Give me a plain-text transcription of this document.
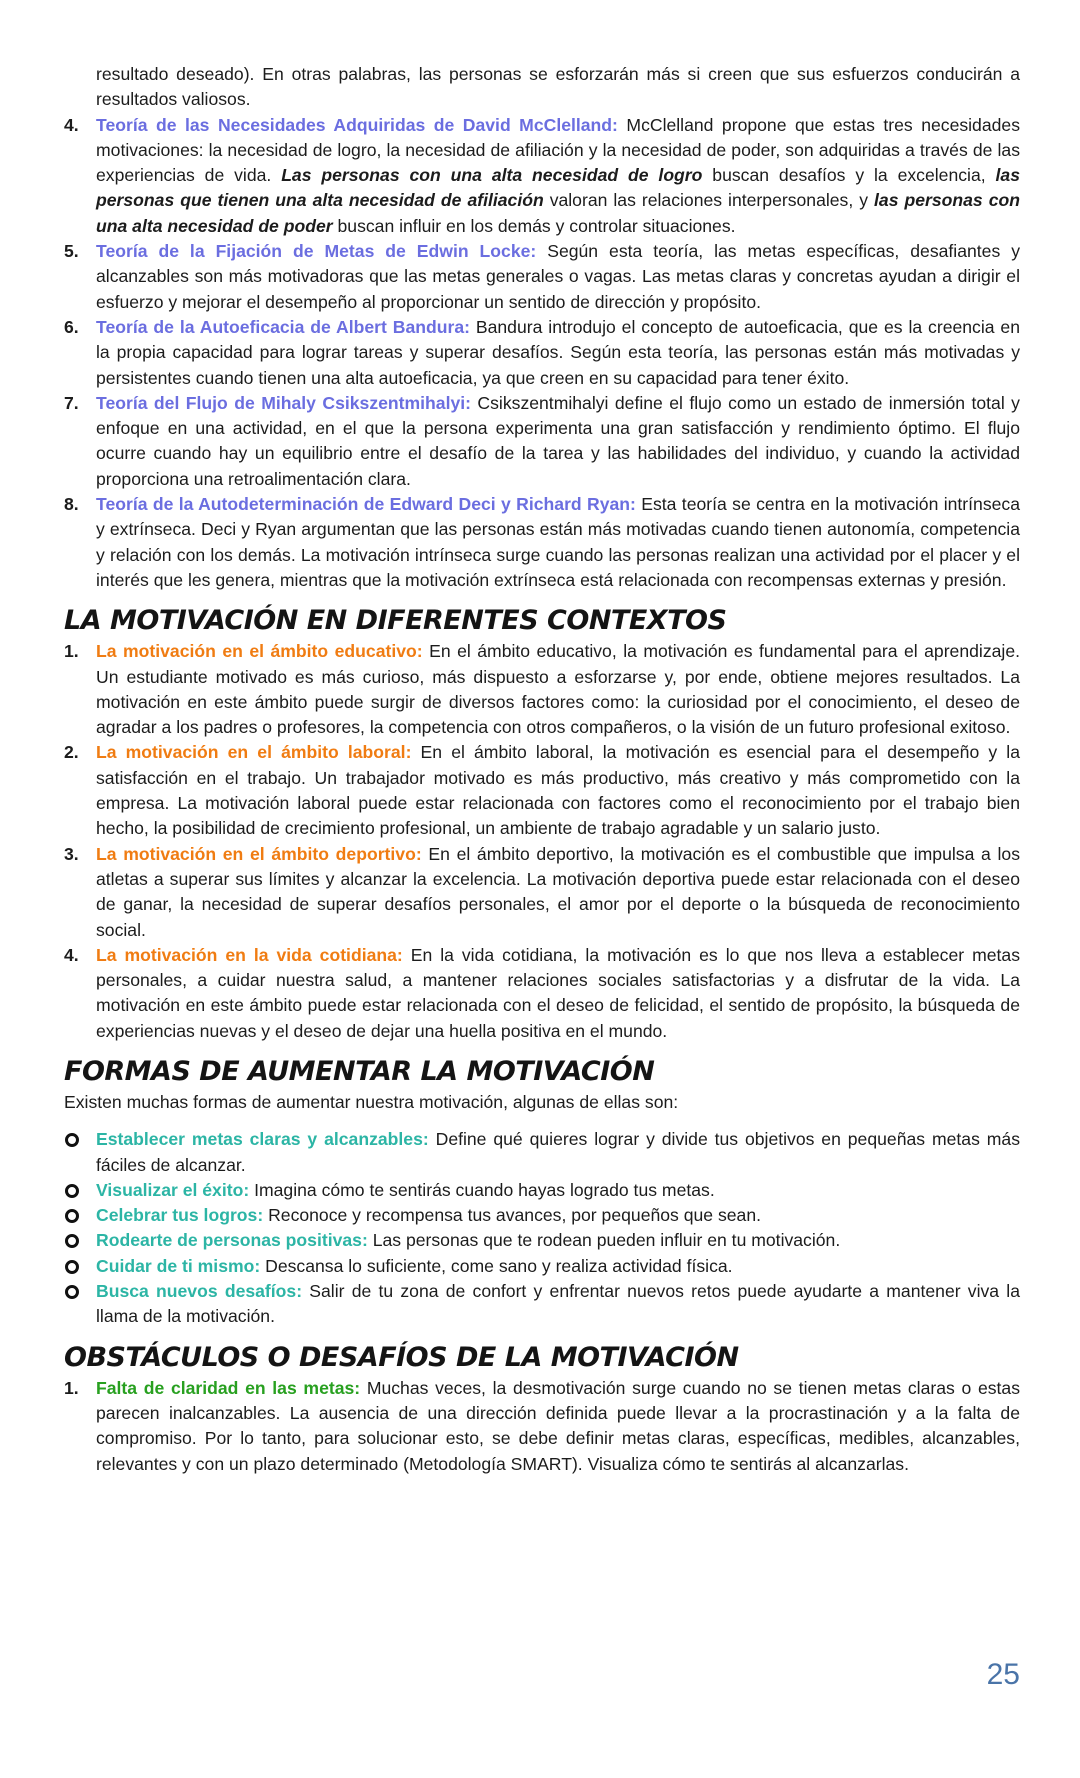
resultado deseado). En otras palabras, las personas se esforzarán más si creen que sus esfuerzos conducirán a resultados valiosos.

4. Teoría de las Necesidades Adquiridas de David McClelland: McClelland propone que estas tres necesidades motivaciones: la necesidad de logro, la necesidad de afiliación y la necesidad de poder, son adquiridas a través de las experiencias de vida. Las personas con una alta necesidad de logro buscan desafíos y la excelencia, las personas que tienen una alta necesidad de afiliación valoran las relaciones interpersonales, y las personas con una alta necesidad de poder buscan influir en los demás y controlar situaciones.
5. Teoría de la Fijación de Metas de Edwin Locke: Según esta teoría, las metas específicas, desafiantes y alcanzables son más motivadoras que las metas generales o vagas. Las metas claras y concretas ayudan a dirigir el esfuerzo y mejorar el desempeño al proporcionar un sentido de dirección y propósito.
6. Teoría de la Autoeficacia de Albert Bandura: Bandura introdujo el concepto de autoeficacia, que es la creencia en la propia capacidad para lograr tareas y superar desafíos. Según esta teoría, las personas están más motivadas y persistentes cuando tienen una alta autoeficacia, ya que creen en su capacidad para tener éxito.
7. Teoría del Flujo de Mihaly Csikszentmihalyi: Csikszentmihalyi define el flujo como un estado de inmersión total y enfoque en una actividad, en el que la persona experimenta una gran satisfacción y rendimiento óptimo. El flujo ocurre cuando hay un equilibrio entre el desafío de la tarea y las habilidades del individuo, y cuando la actividad proporciona una retroalimentación clara.
8. Teoría de la Autodeterminación de Edward Deci y Richard Ryan: Esta teoría se centra en la motivación intrínseca y extrínseca. Deci y Ryan argumentan que las personas están más motivadas cuando tienen autonomía, competencia y relación con los demás. La motivación intrínseca surge cuando las personas realizan una actividad por el placer y el interés que les genera, mientras que la motivación extrínseca está relacionada con recompensas externas y presión.
LA MOTIVACIÓN EN DIFERENTES CONTEXTOS
1. La motivación en el ámbito educativo: En el ámbito educativo, la motivación es fundamental para el aprendizaje. Un estudiante motivado es más curioso, más dispuesto a esforzarse y, por ende, obtiene mejores resultados. La motivación en este ámbito puede surgir de diversos factores como: la curiosidad por el conocimiento, el deseo de agradar a los padres o profesores, la competencia con otros compañeros, o la visión de un futuro profesional exitoso.
2. La motivación en el ámbito laboral: En el ámbito laboral, la motivación es esencial para el desempeño y la satisfacción en el trabajo. Un trabajador motivado es más productivo, más creativo y más comprometido con la empresa. La motivación laboral puede estar relacionada con factores como el reconocimiento por el trabajo bien hecho, la posibilidad de crecimiento profesional, un ambiente de trabajo agradable y un salario justo.
3. La motivación en el ámbito deportivo: En el ámbito deportivo, la motivación es el combustible que impulsa a los atletas a superar sus límites y alcanzar la excelencia. La motivación deportiva puede estar relacionada con el deseo de ganar, la necesidad de superar desafíos personales, el amor por el deporte o la búsqueda de reconocimiento social.
4. La motivación en la vida cotidiana: En la vida cotidiana, la motivación es lo que nos lleva a establecer metas personales, a cuidar nuestra salud, a mantener relaciones sociales satisfactorias y a disfrutar de la vida. La motivación en este ámbito puede estar relacionada con el deseo de felicidad, el sentido de propósito, la búsqueda de experiencias nuevas y el deseo de dejar una huella positiva en el mundo.
FORMAS DE AUMENTAR LA MOTIVACIÓN

Existen muchas formas de aumentar nuestra motivación, algunas de ellas son:

Establecer metas claras y alcanzables: Define qué quieres lograr y divide tus objetivos en pequeñas metas más fáciles de alcanzar.
Visualizar el éxito: Imagina cómo te sentirás cuando hayas logrado tus metas.
Celebrar tus logros: Reconoce y recompensa tus avances, por pequeños que sean.
Rodearte de personas positivas: Las personas que te rodean pueden influir en tu motivación.
Cuidar de ti mismo: Descansa lo suficiente, come sano y realiza actividad física.
Busca nuevos desafíos: Salir de tu zona de confort y enfrentar nuevos retos puede ayudarte a mantener viva la llama de la motivación.
OBSTÁCULOS O DESAFÍOS DE LA MOTIVACIÓN
1. Falta de claridad en las metas: Muchas veces, la desmotivación surge cuando no se tienen metas claras o estas parecen inalcanzables. La ausencia de una dirección definida puede llevar a la procrastinación y a la falta de compromiso. Por lo tanto, para solucionar esto, se debe definir metas claras, específicas, medibles, alcanzables, relevantes y con un plazo determinado (Metodología SMART). Visualiza cómo te sentirás al alcanzarlas.
25
